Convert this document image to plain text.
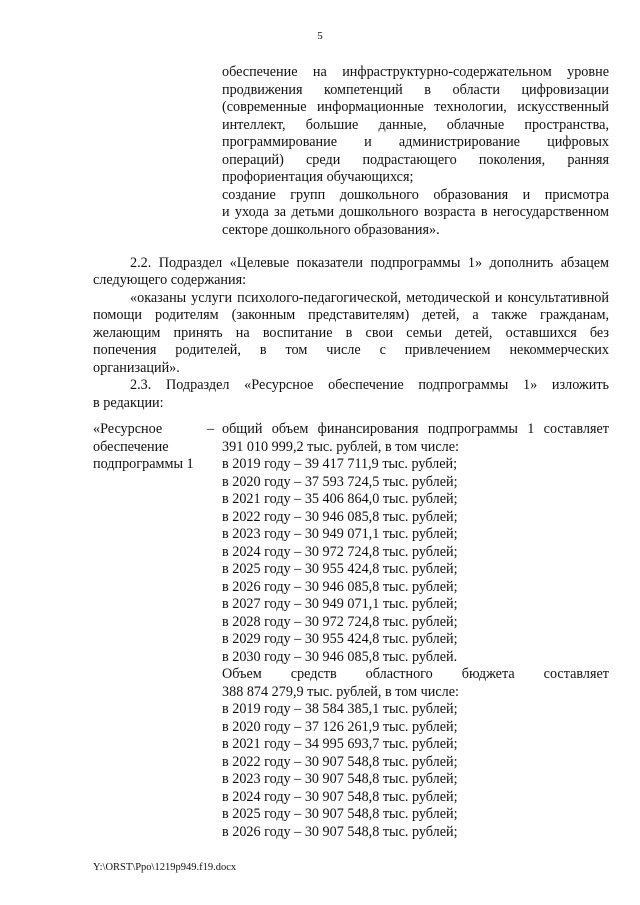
5
обеспечение на инфраструктурно-содержательном уровне
продвижения компетенций в области цифровизации
(современные информационные технологии, искусственный
интеллект, большие данные, облачные пространства,
программирование и администрирование цифровых
операций) среди подрастающего поколения, ранняя
профориентация обучающихся;
создание групп дошкольного образования и присмотра
и ухода за детьми дошкольного возраста в негосударственном
секторе дошкольного образования».
2.2. Подраздел «Целевые показатели подпрограммы 1» дополнить абзацем
следующего содержания:
«оказаны услуги психолого-педагогической, методической и консультативной
помощи родителям (законным представителям) детей, а также гражданам,
желающим принять на воспитание в свои семьи детей, оставшихся без
попечения родителей, в том числе с привлечением некоммерческих
организаций».
2.3. Подраздел «Ресурсное обеспечение подпрограммы 1» изложить
в редакции:
«Ресурсное
обеспечение
подпрограммы 1
– общий объем финансирования подпрограммы 1 составляет
391 010 999,2 тыс. рублей, в том числе:
в 2019 году – 39 417 711,9 тыс. рублей;
в 2020 году – 37 593 724,5 тыс. рублей;
в 2021 году – 35 406 864,0 тыс. рублей;
в 2022 году – 30 946 085,8 тыс. рублей;
в 2023 году – 30 949 071,1 тыс. рублей;
в 2024 году – 30 972 724,8 тыс. рублей;
в 2025 году – 30 955 424,8 тыс. рублей;
в 2026 году – 30 946 085,8 тыс. рублей;
в 2027 году – 30 949 071,1 тыс. рублей;
в 2028 году – 30 972 724,8 тыс. рублей;
в 2029 году – 30 955 424,8 тыс. рублей;
в 2030 году – 30 946 085,8 тыс. рублей.
Объем средств областного бюджета составляет
388 874 279,9 тыс. рублей, в том числе:
в 2019 году – 38 584 385,1 тыс. рублей;
в 2020 году – 37 126 261,9 тыс. рублей;
в 2021 году – 34 995 693,7 тыс. рублей;
в 2022 году – 30 907 548,8 тыс. рублей;
в 2023 году – 30 907 548,8 тыс. рублей;
в 2024 году – 30 907 548,8 тыс. рублей;
в 2025 году – 30 907 548,8 тыс. рублей;
в 2026 году – 30 907 548,8 тыс. рублей;
Y:\ORST\Ppo\1219p949.f19.docx
